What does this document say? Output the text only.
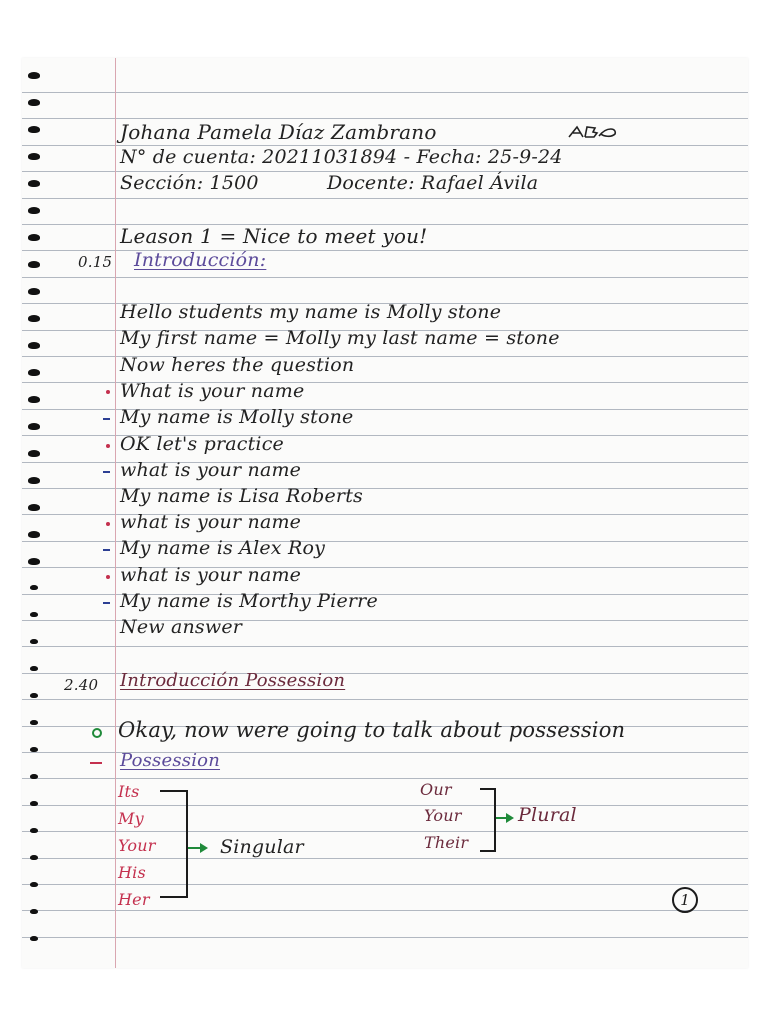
Johana Pamela Díaz Zambrano
N° de cuenta: 20211031894 - Fecha: 25-9-24
Sección: 1500	Docente: Rafael Ávila
Leason 1 = Nice to meet you!
0.15 Introducción:
Hello students my name is Molly stone
My first name = Molly my last name = stone
Now heres the question
What is your name
My name is Molly stone
OK let's practice
what is your name
My name is Lisa Roberts
what is your name
My name is Alex Roy
what is your name
My name is Morthy Pierre
New answer
2.40 Introducción Possession
Okay, now were going to talk about possession
Possession
Its
My
Your
His
Her
Singular
Our
Your
Their
Plural
1
